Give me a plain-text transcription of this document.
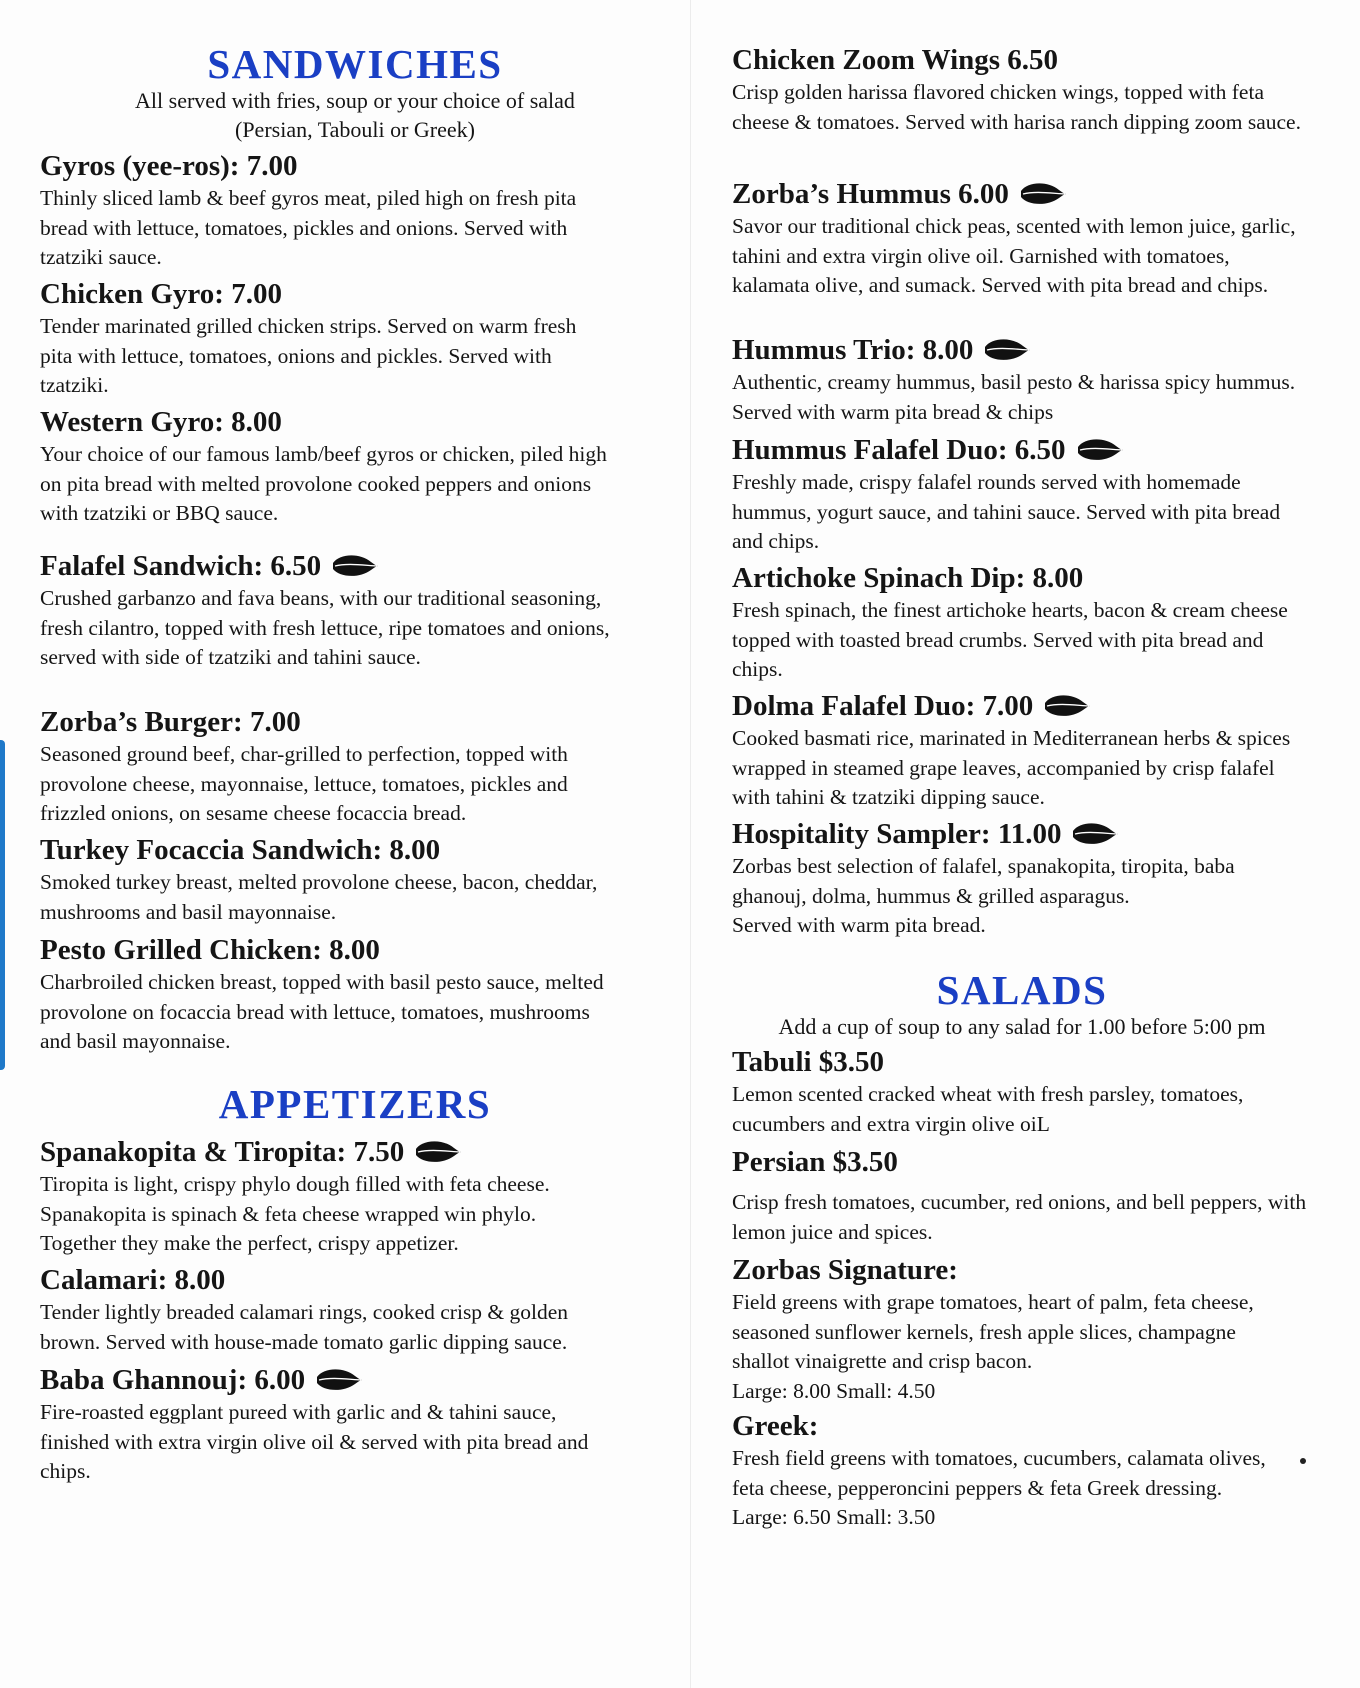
SANDWICHES

All served with fries, soup or your choice of salad

(Persian, Tabouli or Greek)

Gyros (yee-ros): 7.00

Thinly sliced lamb & beef gyros meat, piled high on fresh pita bread with lettuce, tomatoes, pickles and onions. Served with tzatziki sauce.

Chicken Gyro: 7.00

Tender marinated grilled chicken strips. Served on warm fresh pita with lettuce, tomatoes, onions and pickles. Served with tzatziki.

Western Gyro: 8.00

Your choice of our famous lamb/beef gyros or chicken, piled high on pita bread with melted provolone cooked peppers and onions with tzatziki or BBQ sauce.

Falafel Sandwich: 6.50

Crushed garbanzo and fava beans, with our traditional seasoning, fresh cilantro, topped with fresh lettuce, ripe tomatoes and onions, served with side of tzatziki and tahini sauce.

Zorba’s Burger: 7.00

Seasoned ground beef, char-grilled to perfection, topped with provolone cheese, mayonnaise, lettuce, tomatoes, pickles and frizzled onions, on sesame cheese focaccia bread.

Turkey Focaccia Sandwich: 8.00

Smoked turkey breast, melted provolone cheese, bacon, cheddar, mushrooms and basil mayonnaise.

Pesto Grilled Chicken: 8.00

Charbroiled chicken breast, topped with basil pesto sauce, melted provolone on focaccia bread with lettuce, tomatoes, mushrooms and basil mayonnaise.

APPETIZERS
Spanakopita & Tiropita: 7.50

Tiropita is light, crispy phylo dough filled with feta cheese. Spanakopita is spinach & feta cheese wrapped win phylo. Together they make the perfect, crispy appetizer.

Calamari: 8.00

Tender lightly breaded calamari rings, cooked crisp & golden brown. Served with house-made tomato garlic dipping sauce.

Baba Ghannouj: 6.00

Fire-roasted eggplant pureed with garlic and & tahini sauce, finished with extra virgin olive oil & served with pita bread and chips.

Chicken Zoom Wings 6.50

Crisp golden harissa flavored chicken wings, topped with feta cheese & tomatoes. Served with harisa ranch dipping zoom sauce.

Zorba’s Hummus 6.00

Savor our traditional chick peas, scented with lemon juice, garlic, tahini and extra virgin olive oil. Garnished with tomatoes, kalamata olive, and sumack. Served with pita bread and chips.

Hummus Trio: 8.00

Authentic, creamy hummus, basil pesto & harissa spicy hummus. Served with warm pita bread & chips

Hummus Falafel Duo: 6.50

Freshly made, crispy falafel rounds served with homemade hummus, yogurt sauce, and tahini sauce. Served with pita bread and chips.

Artichoke Spinach Dip: 8.00

Fresh spinach, the finest artichoke hearts, bacon & cream cheese topped with toasted bread crumbs. Served with pita bread and chips.

Dolma Falafel Duo: 7.00

Cooked basmati rice, marinated in Mediterranean herbs & spices wrapped in steamed grape leaves, accompanied by crisp falafel with tahini & tzatziki dipping sauce.

Hospitality Sampler: 11.00

Zorbas best selection of falafel, spanakopita, tiropita, baba ghanouj, dolma, hummus & grilled asparagus.

Served with warm pita bread.

SALADS

Add a cup of soup to any salad for 1.00 before 5:00 pm

Tabuli $3.50

Lemon scented cracked wheat with fresh parsley, tomatoes, cucumbers and extra virgin olive oiL

Persian $3.50

Crisp fresh tomatoes, cucumber, red onions, and bell peppers, with lemon juice and spices.

Zorbas Signature:

Field greens with grape tomatoes, heart of palm, feta cheese, seasoned sunflower kernels, fresh apple slices, champagne shallot vinaigrette and crisp bacon.

Large: 8.00 Small: 4.50

Greek:

Fresh field greens with tomatoes, cucumbers, calamata olives, feta cheese, pepperoncini peppers & feta Greek dressing.

Large: 6.50 Small: 3.50
